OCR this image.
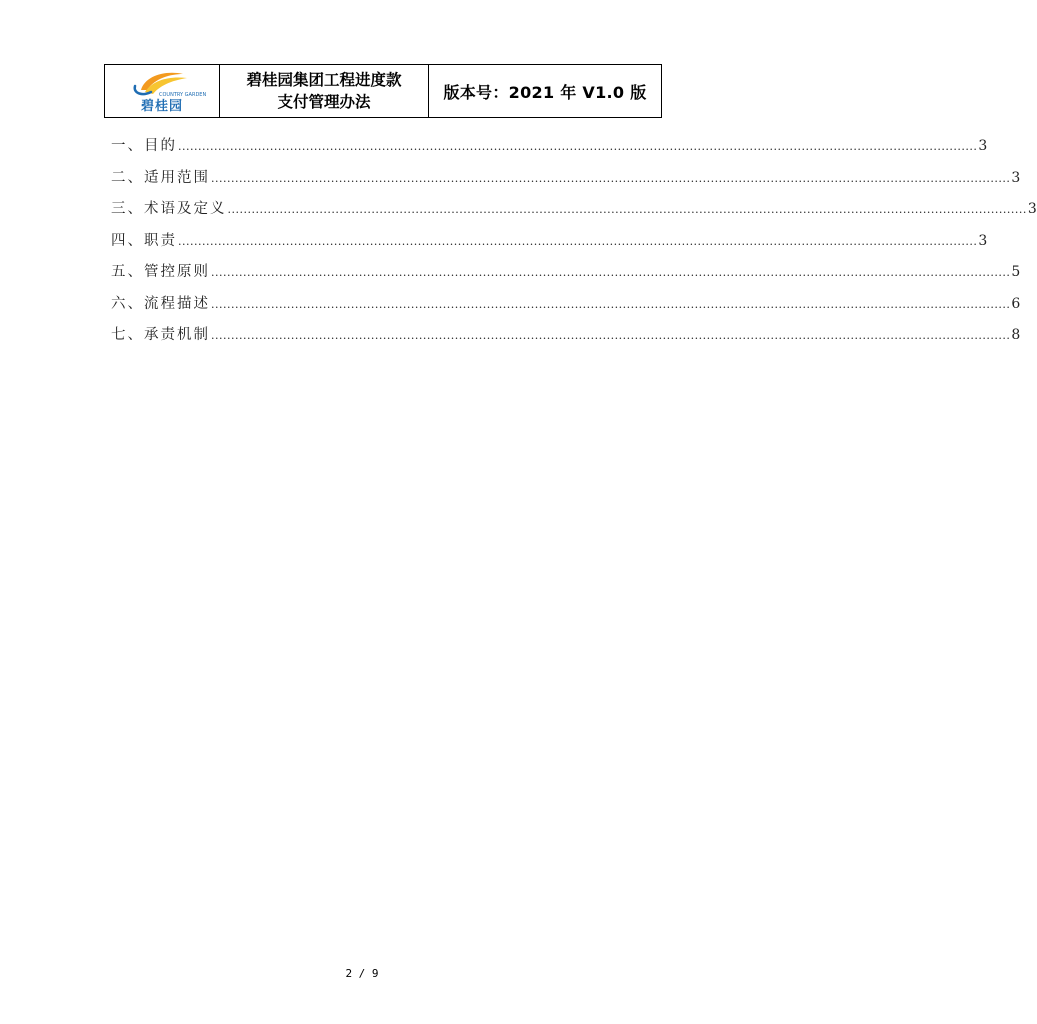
COUNTRY GARDEN
碧桂园
碧桂园集团工程进度款
支付管理办法
版本号：2021 年 V1.0 版
一、 目的 ........................................................................................................................................................................................................ 3
二、 适用范围 ........................................................................................................................................................................................................ 3
三、 术语及定义 ........................................................................................................................................................................................................ 3
四、 职责 ........................................................................................................................................................................................................ 3
五、 管控原则 ........................................................................................................................................................................................................ 5
六、 流程描述 ........................................................................................................................................................................................................ 6
七、 承责机制 ........................................................................................................................................................................................................ 8
2 / 9
